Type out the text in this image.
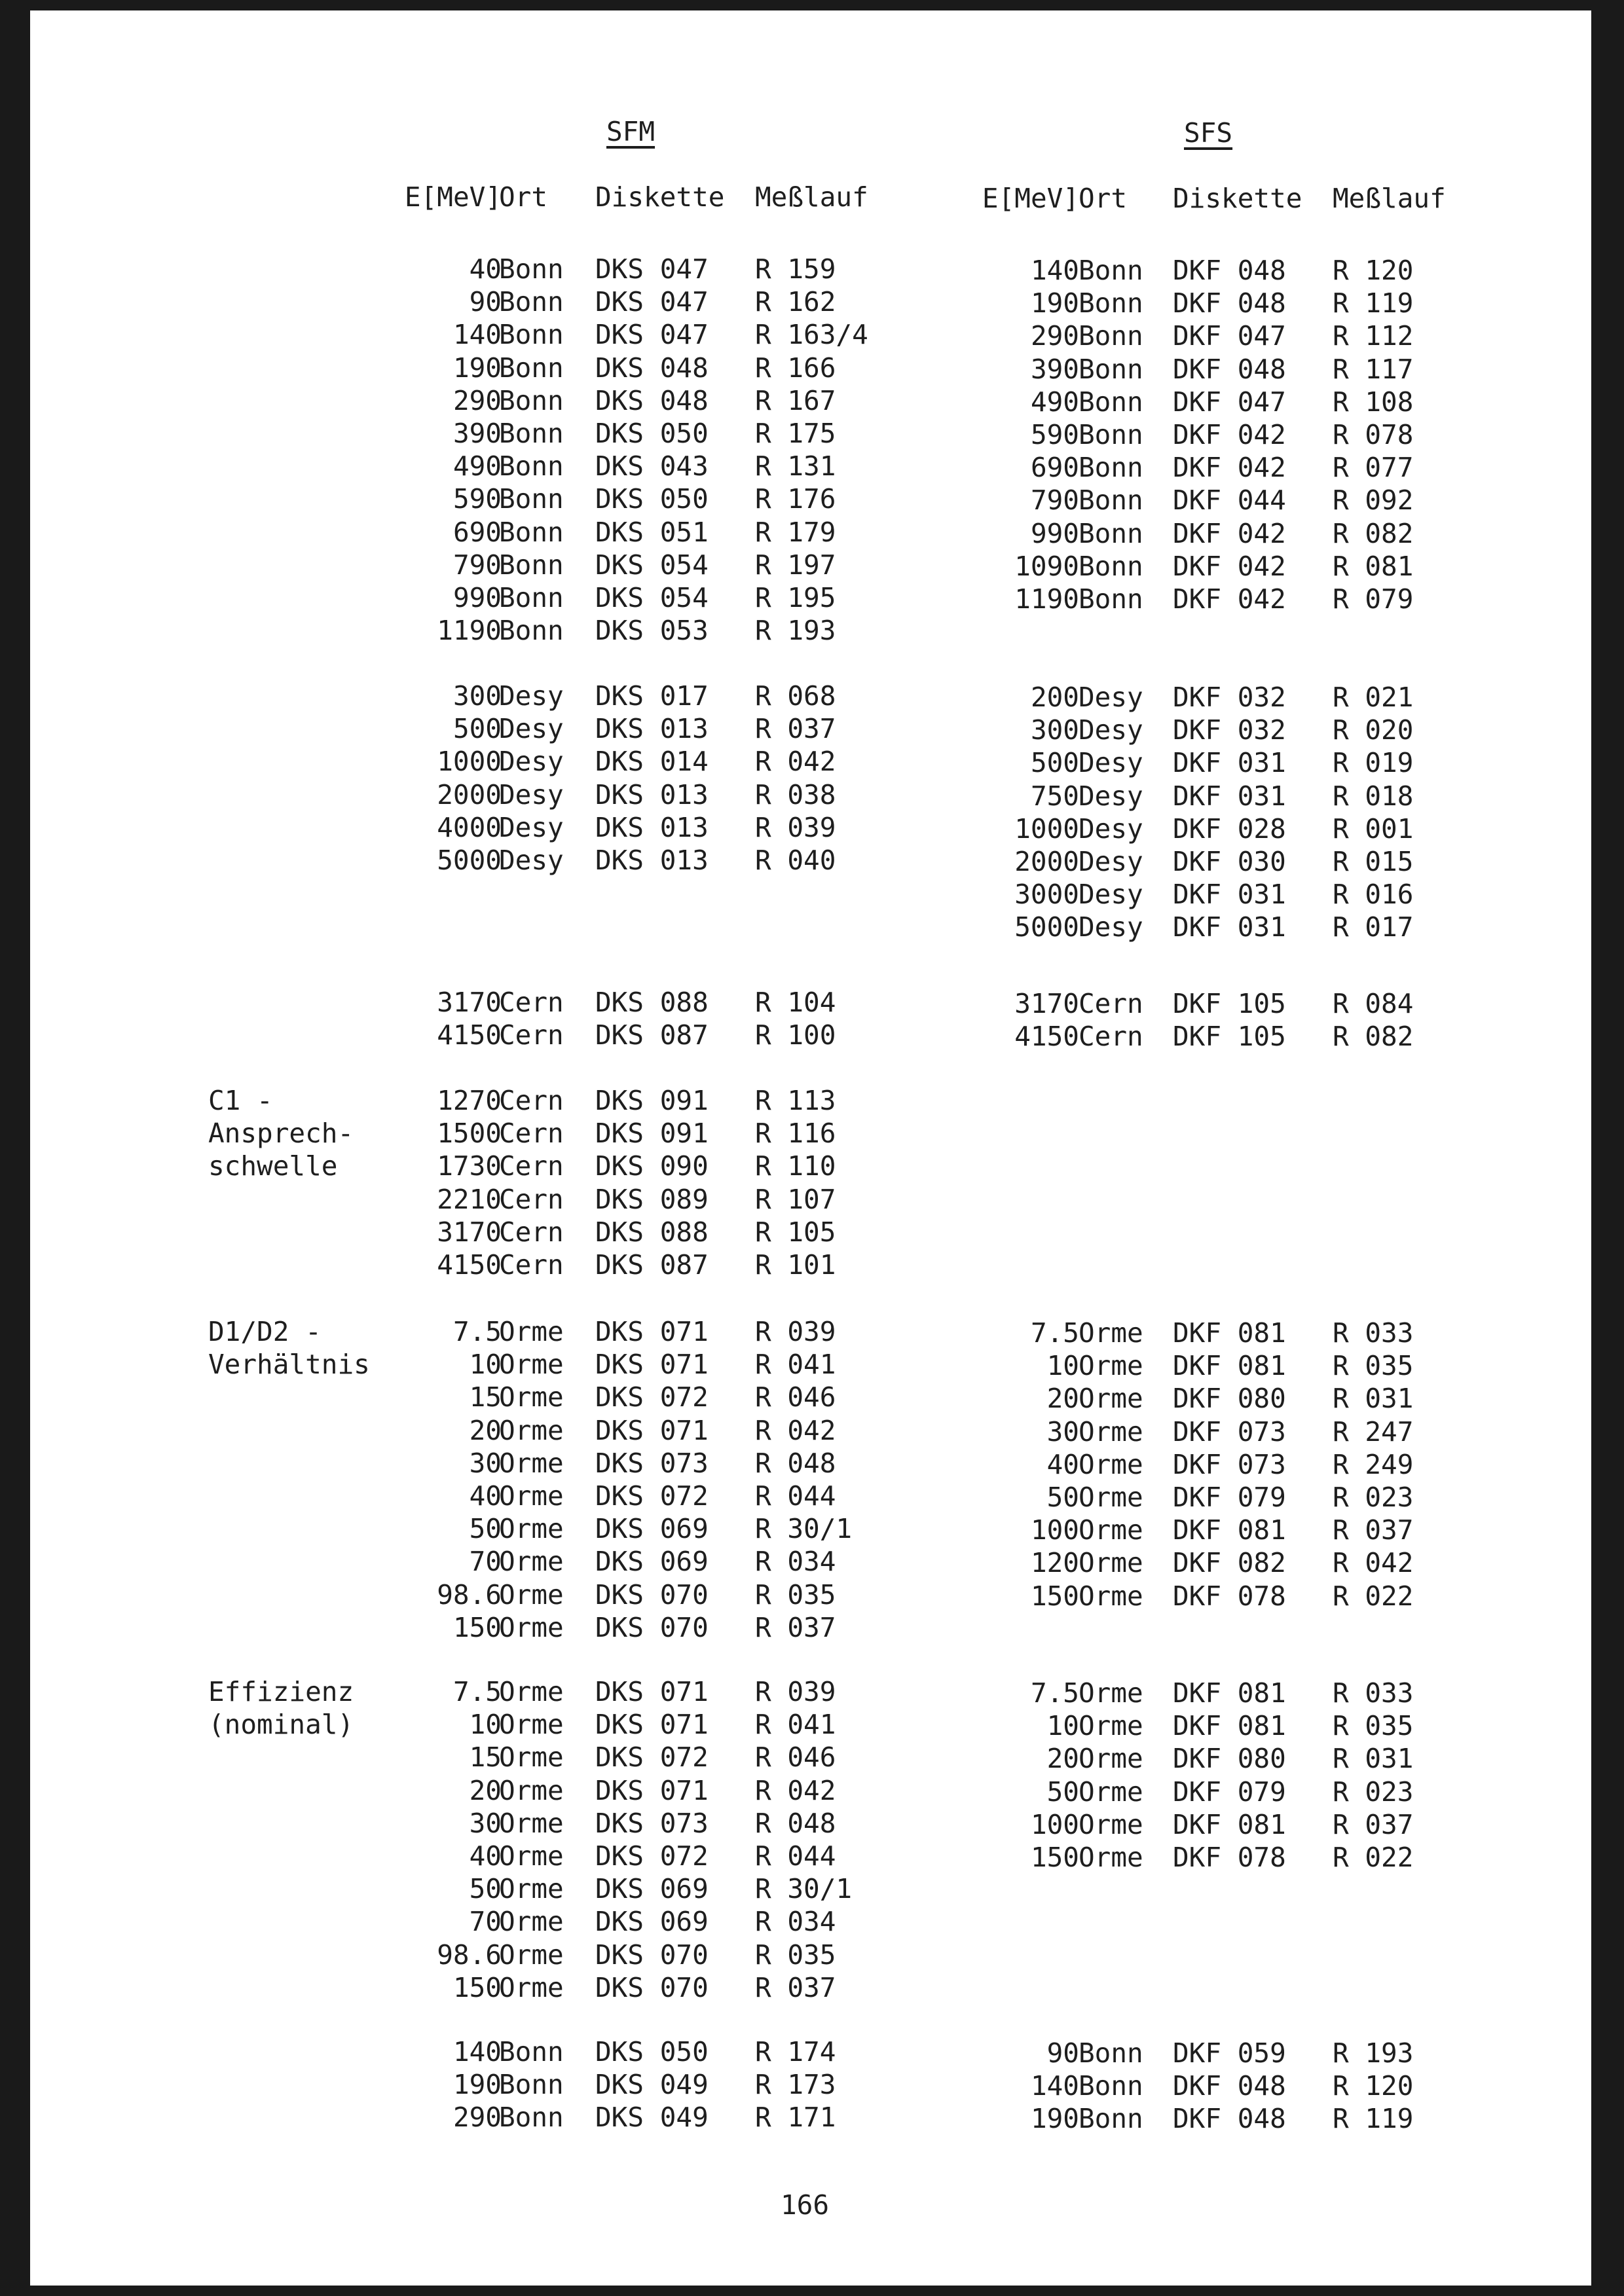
SFM	SFS
E[MeV]
Ort Diskette Meßlauf	E[MeV] Ort Diskette Meßlauf
40
Bonn DKS 047 R 159
90
Bonn DKS 047 R 162
140
Bonn DKS 047 R 163/4
190
Bonn DKS 048 R 166
290
Bonn DKS 048 R 167
390
Bonn DKS 050 R 175
490
Bonn DKS 043 R 131
590
Bonn DKS 050 R 176
690
Bonn DKS 051 R 179
790
Bonn DKS 054 R 197
990
Bonn DKS 054 R 195
1190
Bonn DKS 053 R 193
140 Bonn DKF 048 R 120
190 Bonn DKF 048 R 119
290 Bonn DKF 047 R 112
390 Bonn DKF 048 R 117
490 Bonn DKF 047 R 108
590 Bonn DKF 042 R 078
690 Bonn DKF 042 R 077
790 Bonn DKF 044 R 092
990 Bonn DKF 042 R 082
1090 Bonn DKF 042 R 081
1190 Bonn DKF 042 R 079
300
Desy DKS 017 R 068
500
Desy DKS 013 R 037
1000
Desy DKS 014 R 042
2000
Desy DKS 013 R 038
4000
Desy DKS 013 R 039
5000
Desy DKS 013 R 040
200 Desy DKF 032 R 021
300 Desy DKF 032 R 020
500 Desy DKF 031 R 019
750 Desy DKF 031 R 018
1000 Desy DKF 028 R 001
2000 Desy DKF 030 R 015
3000 Desy DKF 031 R 016
5000 Desy DKF 031 R 017
3170
Cern DKS 088 R 104
4150
Cern DKS 087 R 100
3170 Cern DKF 105 R 084
4150 Cern DKF 105 R 082
C1 -
Ansprech-
schwelle
1270
Cern DKS 091 R 113
1500
Cern DKS 091 R 116
1730
Cern DKS 090 R 110
2210
Cern DKS 089 R 107
3170
Cern DKS 088 R 105
4150
Cern DKS 087 R 101
D1/D2 -
Verhältnis
7.5
Orme DKS 071 R 039
10
Orme DKS 071 R 041
15
Orme DKS 072 R 046
20
Orme DKS 071 R 042
30
Orme DKS 073 R 048
40
Orme DKS 072 R 044
50
Orme DKS 069 R 30/1
70
Orme DKS 069 R 034
98.6
Orme DKS 070 R 035
150
Orme DKS 070 R 037
7.5 Orme DKF 081 R 033
10 Orme DKF 081 R 035
20 Orme DKF 080 R 031
30 Orme DKF 073 R 247
40 Orme DKF 073 R 249
50 Orme DKF 079 R 023
100 Orme DKF 081 R 037
120 Orme DKF 082 R 042
150 Orme DKF 078 R 022
Effizienz
(nominal)
7.5
Orme DKS 071 R 039
10
Orme DKS 071 R 041
15
Orme DKS 072 R 046
20
Orme DKS 071 R 042
30
Orme DKS 073 R 048
40
Orme DKS 072 R 044
50
Orme DKS 069 R 30/1
70
Orme DKS 069 R 034
98.6
Orme DKS 070 R 035
150
Orme DKS 070 R 037
7.5 Orme DKF 081 R 033
10 Orme DKF 081 R 035
20 Orme DKF 080 R 031
50 Orme DKF 079 R 023
100 Orme DKF 081 R 037
150 Orme DKF 078 R 022
140
Bonn DKS 050 R 174
190
Bonn DKS 049 R 173
290
Bonn DKS 049 R 171
90 Bonn DKF 059 R 193
140 Bonn DKF 048 R 120
190 Bonn DKF 048 R 119
166
